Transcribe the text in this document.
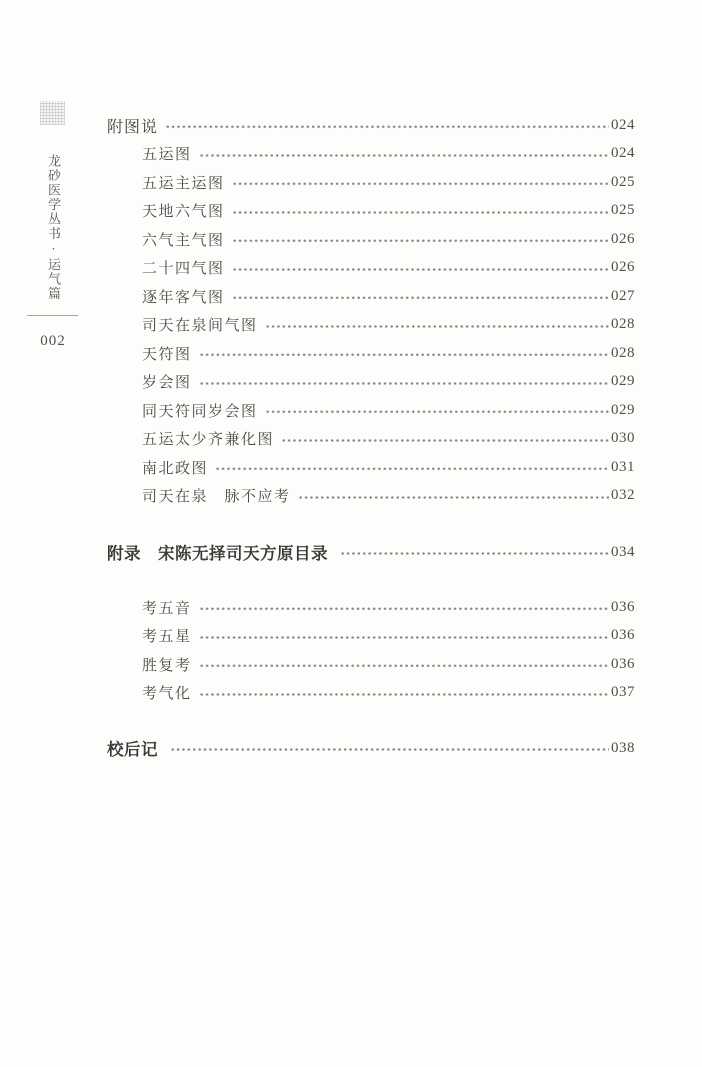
龙砂医学丛书·运气篇
002
附图说	024
五运图	024
五运主运图	025
天地六气图	025
六气主气图	026
二十四气图	026
逐年客气图	027
司天在泉间气图	028
天符图	028
岁会图	029
同天符同岁会图	029
五运太少齐兼化图	030
南北政图	031
司天在泉　脉不应考	032
附录　宋陈无择司天方原目录	034
考五音	036
考五星	036
胜复考	036
考气化	037
校后记	038
